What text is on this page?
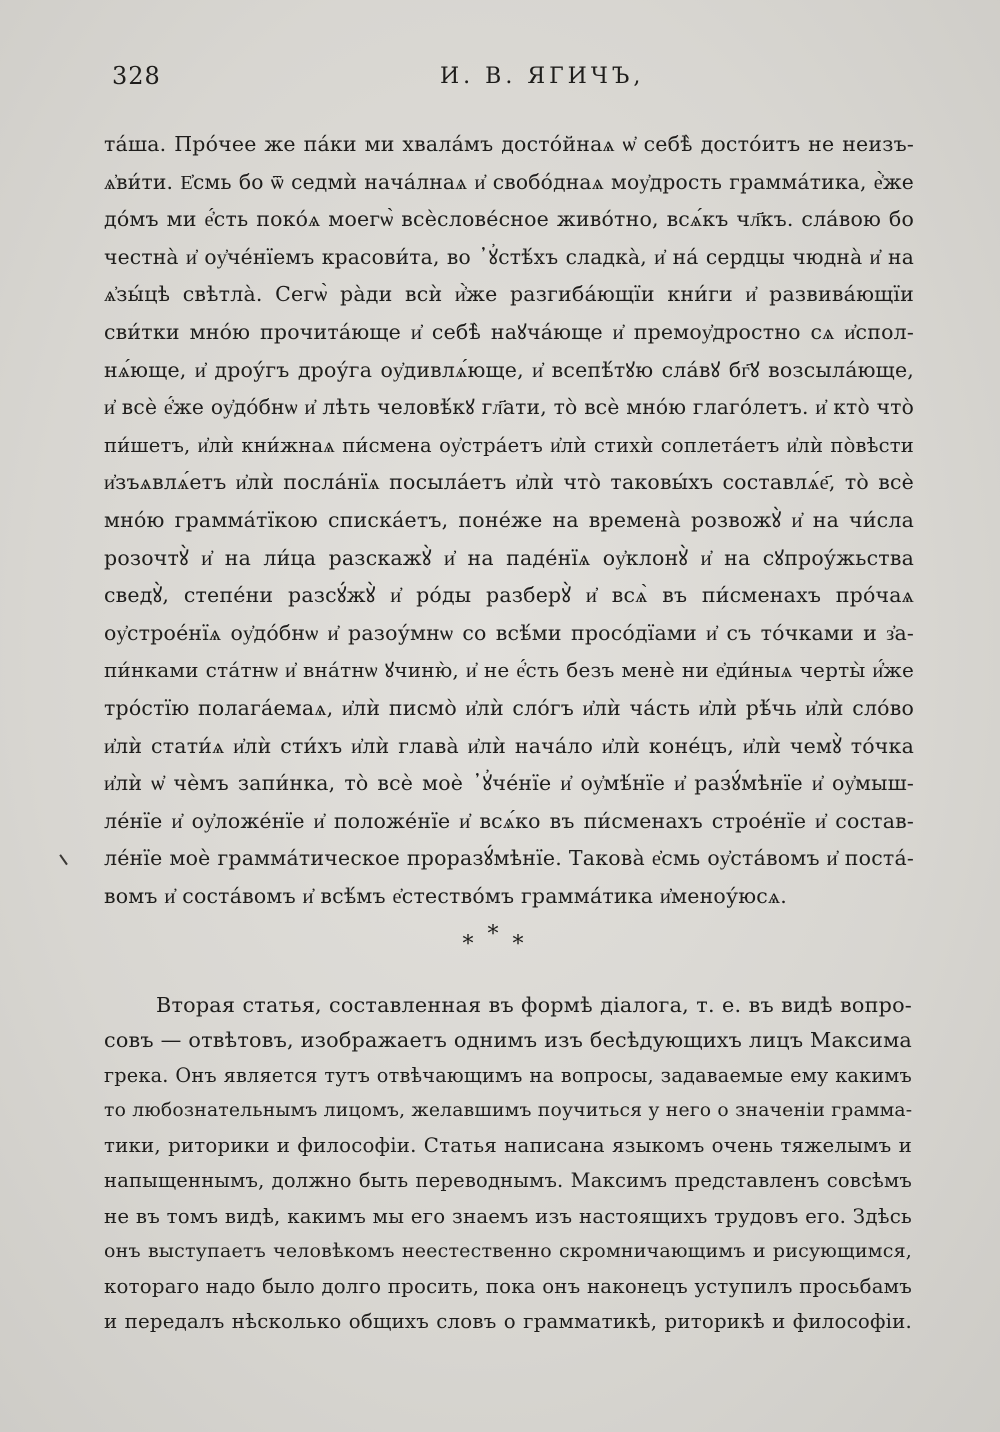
328	И. В. ЯГИЧЪ,
та́ша. Про́чее же па́ки ми хвала́мъ досто́йнаѧ ѡ҆ себѣ̀ досто́итъ не неизъ-
ѧ҆ви́ти. Е҆смь бо ѿ седмѝ нача́лнаѧ и҆ свобо́днаѧ моу҆дрость грамма́тика, е҆̀же
до́мъ ми е҆́сть поко́ѧ моегѡ̀ всѐслове́сное живо́тно, всѧ́къ чл҃къ. сла́вою бо
честна̀ и҆ оу҆че́нїемъ красови́та, во ᾿ꙋ҆стѣ́хъ сладка̀, и҆ на́ сердцы чюдна̀ и҆ на
ѧ҆зы́цѣ свѣтла̀. Сегѡ̀ ра̀ди всѝ и҆̀же разгиба́ющїи кни́ги и҆ развива́ющїи
сви́тки мно́ю прочита́юще и҆ себѣ̀ наꙋча́юще и҆ премоу҆дростно сѧ и҆спол-
нѧ́юще, и҆ дроу́гъ дроу́га оу҆дивлѧ́юще, и҆ всепѣ́тꙋю сла́вꙋ бг҃ꙋ возсыла́юще,
и҆ всѐ е҆́же оу҆до́бнѡ и҆ лѣть человѣ́кꙋ гл҃ати, то̀ всѐ мно́ю глаго́летъ. и҆ кто̀ что̀
пи́шетъ, и҆лѝ кни́жнаѧ пи́смена оу҆стра́етъ и҆лѝ стихѝ соплета́етъ и҆лѝ по̀вѣсти
и҆зъѧвлѧ́етъ и҆лѝ посла́нїѧ посыла́етъ и҆лѝ что̀ таковы́хъ составлѧ́е҃, то̀ всѐ
мно́ю грамма́тїкою списка́етъ, поне́же на времена̀ розвожꙋ̀ и҆ на чи́сла
розочтꙋ̀ и҆ на ли́ца разскажꙋ̀ и҆ на паде́нїѧ оу҆клонꙋ̀ и҆ на сꙋпроу́жьства
сведꙋ̀, степе́ни разсꙋ́жꙋ̀ и҆ ро́ды разберꙋ̀ и҆ всѧ̀ въ пи́сменахъ про́чаѧ
оу҆строе́нїѧ оу҆до́бнѡ и҆ разоу́мнѡ со всѣ́ми просо́дїами и҆ съ то́чками и з҆а-
пи́нками ста́тнѡ и҆ вна́тнѡ ꙋчиню̀, и҆ не е҆́сть безъ менѐ ни е҆ди́ныѧ черты̀ и҆́же
тро́стїю полага́емаѧ, и҆лѝ писмо̀ и҆лѝ сло́гъ и҆лѝ ча́сть и҆лѝ рѣ́чь и҆лѝ сло́во
и҆лѝ стати́ѧ и҆лѝ сти́хъ и҆лѝ глава̀ и҆лѝ нача́ло и҆лѝ коне́цъ, и҆лѝ чемꙋ̀ то́чка
и҆лѝ ѡ҆ чѐмъ запи́нка, то̀ всѐ моѐ ᾿ꙋ҆че́нїе и҆ оу҆мѣ́нїе и҆ разꙋ́мѣнїе и҆ оу҆мыш-
ле́нїе и҆ оу҆ложе́нїе и҆ положе́нїе и҆ всѧ́ко въ пи́сменахъ строе́нїе и҆ состав-
ле́нїе моѐ грамма́тическое проразꙋ́мѣнїе. Такова̀ е҆смь оу҆ста́вомъ и҆ поста́-
вомъ и҆ соста́вомъ и҆ всѣ́мъ е҆стество́мъ грамма́тика и҆меноу́юсѧ.
***
Вторая статья, составленная въ формѣ діалога, т. е. въ видѣ вопро-
совъ — отвѣтовъ, изображаетъ однимъ изъ бесѣдующихъ лицъ Максима
грека. Онъ является тутъ отвѣчающимъ на вопросы, задаваемые ему какимъ
то любознательнымъ лицомъ, желавшимъ поучиться у него о значеніи грамма-
тики, риторики и философіи. Статья написана языкомъ очень тяжелымъ и
напыщеннымъ, должно быть переводнымъ. Максимъ представленъ совсѣмъ
не въ томъ видѣ, какимъ мы его знаемъ изъ настоящихъ трудовъ его. Здѣсь
онъ выступаетъ человѣкомъ неестественно скромничающимъ и рисующимся,
котораго надо было долго просить, пока онъ наконецъ уступилъ просьбамъ
и передалъ нѣсколько общихъ словъ о грамматикѣ, риторикѣ и философіи.
